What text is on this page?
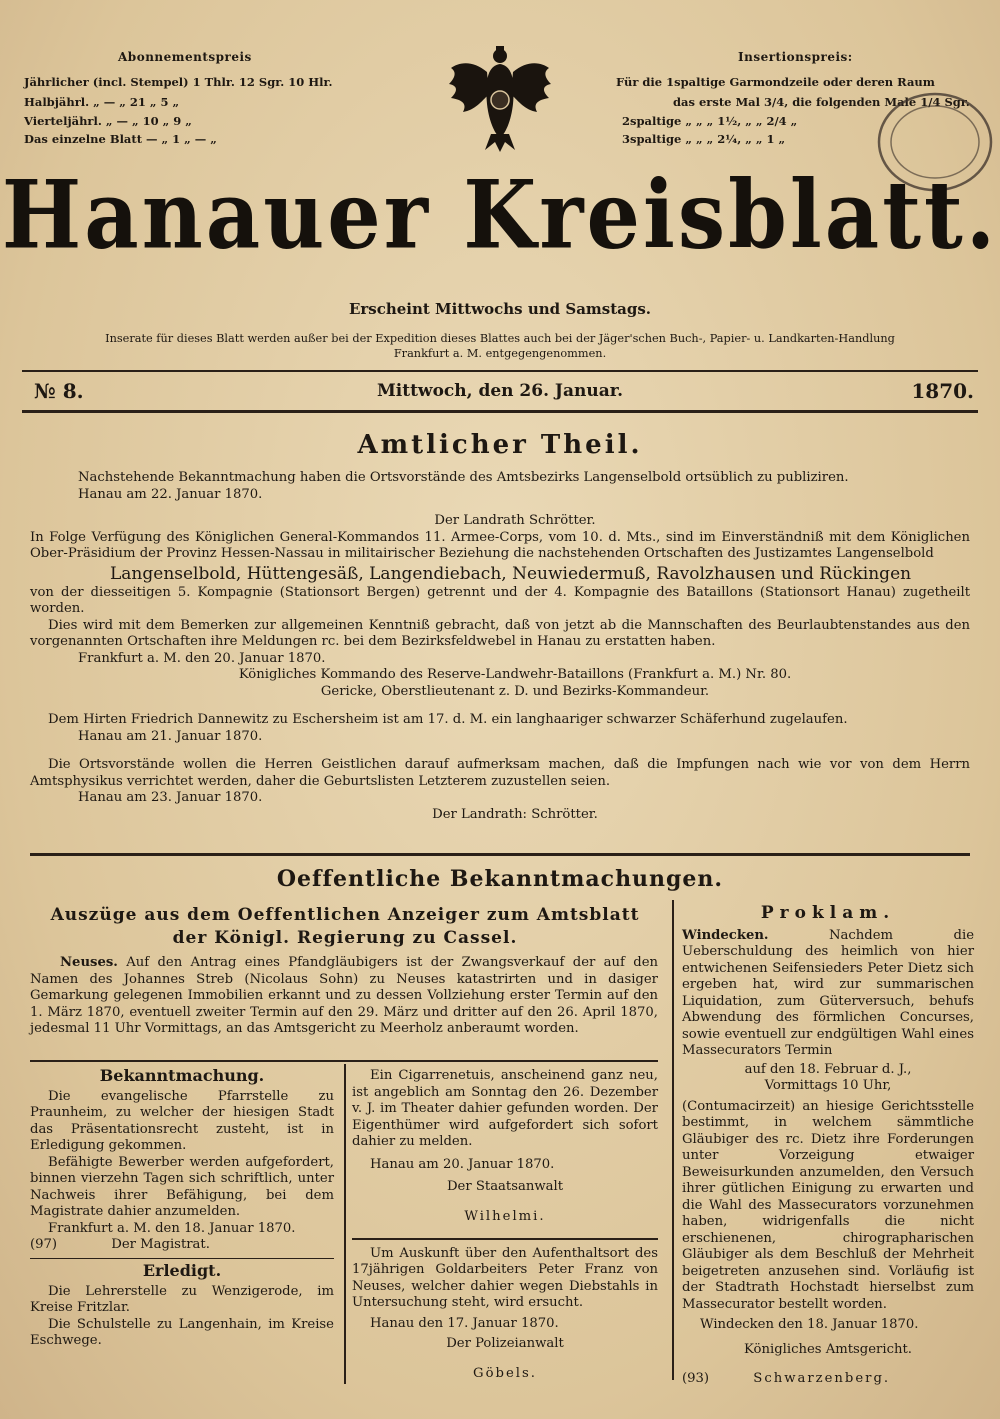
Abonnementspreis
Jährlicher (incl. Stempel) 1 Thlr. 12 Sgr. 10 Hlr.
Halbjährl. „ — „ 21 „ 5 „
Vierteljährl. „ — „ 10 „ 9 „
Das einzelne Blatt — „ 1 „ — „
Insertionspreis:
Für die 1spaltige Garmondzeile oder deren Raum
das erste Mal 3/4, die folgenden Male 1/4 Sgr.
2spaltige „ „ „ 1½, „ „ 2/4 „
3spaltige „ „ „ 2¼, „ „ 1 „
Hanauer Kreisblatt.
Erscheint Mittwochs und Samstags.
Inserate für dieses Blatt werden außer bei der Expedition dieses Blattes auch bei der Jäger'schen Buch-, Papier- u. Landkarten-Handlung
Frankfurt a. M. entgegengenommen.
№ 8.	Mittwoch, den 26. Januar.	1870.
Amtlicher Theil.

Nachstehende Bekanntmachung haben die Ortsvorstände des Amtsbezirks Langenselbold ortsüblich zu publiziren.

Hanau am 22. Januar 1870.

Der Landrath Schrötter.

In Folge Verfügung des Königlichen General-Kommandos 11. Armee-Corps, vom 10. d. Mts., sind im Einverständniß mit dem Königlichen Ober-Präsidium der Provinz Hessen-Nassau in militairischer Beziehung die nachstehenden Ortschaften des Justizamtes Langenselbold

Langenselbold, Hüttengesäß, Langendiebach, Neuwiedermuß, Ravolzhausen und Rückingen

von der diesseitigen 5. Kompagnie (Stationsort Bergen) getrennt und der 4. Kompagnie des Bataillons (Stationsort Hanau) zugetheilt worden.

Dies wird mit dem Bemerken zur allgemeinen Kenntniß gebracht, daß von jetzt ab die Mannschaften des Beurlaubtenstandes aus den vorgenannten Ortschaften ihre Meldungen rc. bei dem Bezirksfeldwebel in Hanau zu erstatten haben.

Frankfurt a. M. den 20. Januar 1870.

Königliches Kommando des Reserve-Landwehr-Bataillons (Frankfurt a. M.) Nr. 80.

Gericke, Oberstlieutenant z. D. und Bezirks-Kommandeur.

Dem Hirten Friedrich Dannewitz zu Eschersheim ist am 17. d. M. ein langhaariger schwarzer Schäferhund zugelaufen.

Hanau am 21. Januar 1870.

Die Ortsvorstände wollen die Herren Geistlichen darauf aufmerksam machen, daß die Impfungen nach wie vor von dem Herrn Amtsphysikus verrichtet werden, daher die Geburtslisten Letzterem zuzustellen seien.

Hanau am 23. Januar 1870.

Der Landrath: Schrötter.

Oeffentliche Bekanntmachungen.
Auszüge aus dem Oeffentlichen Anzeiger zum Amtsblatt
der Königl. Regierung zu Cassel.
Neuses. Auf den Antrag eines Pfandgläubigers ist der Zwangsverkauf der auf den Namen des Johannes Streb (Nicolaus Sohn) zu Neuses katastrirten und in dasiger Gemarkung gelegenen Immobilien erkannt und zu dessen Vollziehung erster Termin auf den 1. März 1870, eventuell zweiter Termin auf den 29. März und dritter auf den 26. April 1870, jedesmal 11 Uhr Vormittags, an das Amtsgericht zu Meerholz anberaumt worden.

Bekanntmachung.

Die evangelische Pfarrstelle zu Praunheim, zu welcher der hiesigen Stadt das Präsentationsrecht zusteht, ist in Erledigung gekommen.

Befähigte Bewerber werden aufgefordert, binnen vierzehn Tagen sich schriftlich, unter Nachweis ihrer Befähigung, bei dem Magistrate dahier anzumelden.

Frankfurt a. M. den 18. Januar 1870.

(97)	Der Magistrat.

Erledigt.

Die Lehrerstelle zu Wenzigerode, im Kreise Fritzlar.

Die Schulstelle zu Langenhain, im Kreise Eschwege.

Ein Cigarrenetuis, anscheinend ganz neu, ist angeblich am Sonntag den 26. Dezember v. J. im Theater dahier gefunden worden. Der Eigenthümer wird aufgefordert sich sofort dahier zu melden.

Hanau am 20. Januar 1870.

Der Staatsanwalt

Wilhelmi.

Um Auskunft über den Aufenthaltsort des 17jährigen Goldarbeiters Peter Franz von Neuses, welcher dahier wegen Diebstahls in Untersuchung steht, wird ersucht.

Hanau den 17. Januar 1870.

Der Polizeianwalt

Göbels.

Proklam.

Windecken.	Nachdem die Ueberschuldung des heimlich von hier entwichenen Seifensieders Peter Dietz sich ergeben hat, wird zur summarischen Liquidation, zum Güterversuch, behufs Abwendung des förmlichen Concurses, sowie eventuell zur endgültigen Wahl eines Massecurators Termin

auf den 18. Februar d. J.,

Vormittags 10 Uhr,

(Contumacirzeit) an hiesige Gerichtsstelle bestimmt, in welchem sämmtliche Gläubiger des rc. Dietz ihre Forderungen unter Vorzeigung etwaiger Beweisurkunden anzumelden, den Versuch ihrer gütlichen Einigung zu erwarten und die Wahl des Massecurators vorzunehmen haben, widrigenfalls die nicht erschienenen, chirographarischen Gläubiger als dem Beschluß der Mehrheit beigetreten anzusehen sind. Vorläufig ist der Stadtrath Hochstadt hierselbst zum Massecurator bestellt worden.

Windecken den 18. Januar 1870.

Königliches Amtsgericht.

(93)	Schwarzenberg.
